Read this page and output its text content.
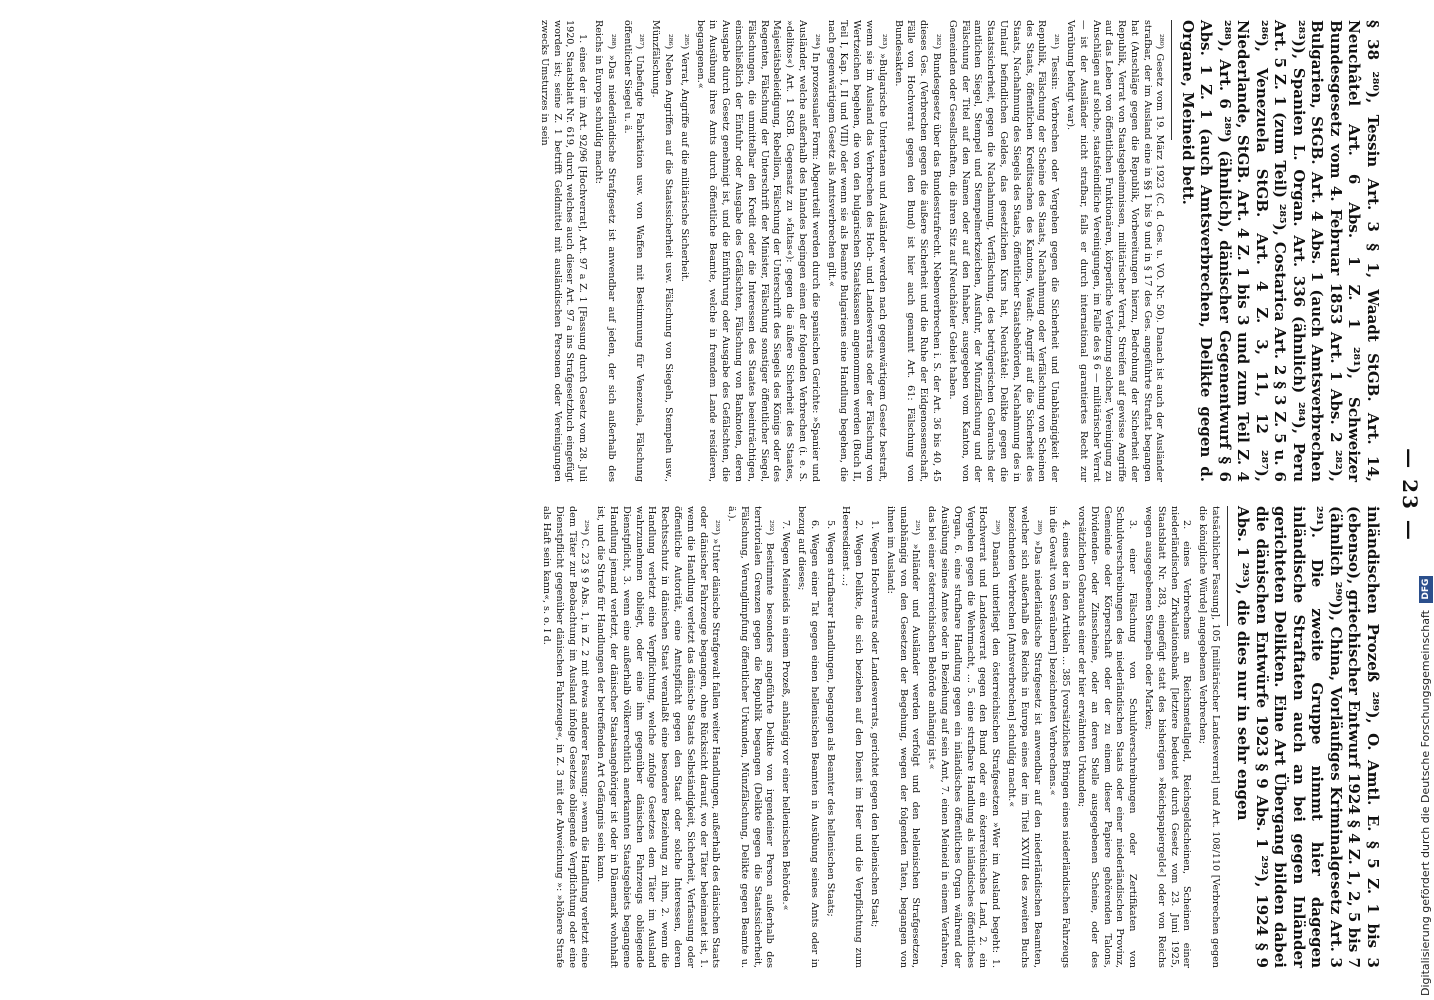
— 23 —

§ 38 ²⁸⁰), Tessin Art. 3 § 1, Waadt StGB. Art. 14, Neuchâtel Art. 6 Abs. 1 Z. 1 ²⁸¹), Schweizer Bundesgesetz vom 4. Februar 1853 Art. 1 Abs. 2 ²⁸²), Bulgarien, StGB. Art. 4 Abs. 1 (auch Amtsverbrechen ²⁸³)), Spanien L. Organ. Art. 336 (ähnlich) ²⁸⁴), Peru Art. 5 Z. 1 (zum Teil) ²⁸⁵), Costarica Art. 2 § 3 Z. 5 u. 6 ²⁸⁶), Venezuela StGB. Art. 4 Z. 3, 11, 12 ²⁸⁷), Niederlande, StGB. Art. 4 Z. 1 bis 3 und zum Teil Z. 4 ²⁸⁸), Art. 6 ²⁸⁹) (ähnlich), dänischer Gegenentwurf § 6 Abs. 1 Z. 1 (auch Amtsverbrechen, Delikte gegen d. Organe, Meineid bett.

²⁸⁰) Gesetz vom 19. März 1923 (C. d. Ges. u. VO. Nr. 50). Danach ist auch der Ausländer strafbar, der im Ausland eine in §§ 1 bis 9 und in § 17 des Ges. angeführte Straftat begangen hat (Anschläge gegen die Republik, Vorbereitungen hierzu, Bedrohung der Sicherheit der Republik, Verrat von Staatsgeheimnissen, militärischer Verrat, Streifen auf gewisse Angriffe auf das Leben von öffentlichen Funktionären, körperliche Verletzung solcher, Vereinigung zu Anschlägen auf solche, staatsfeindliche Vereinigungen, im Falle des § 6 — militärischer Verrat — ist der Ausländer nicht strafbar, falls er durch international garantiertes Recht zur Verübung befugt war).

²⁸¹) Tessin: Verbrechen oder Vergehen gegen die Sicherheit und Unabhängigkeit der Republik, Fälschung der Scheine des Staats, Nachahmung oder Verfälschung von Scheinen des Staats, öffentlichen Kreditsachen des Kantons, Waadt: Angriff auf die Sicherheit des Staats, Nachahmung des Siegels des Staats, öffentlicher Staatsbehörden, Nachahmung des in Umlauf befindlichen Geldes, das gesetzlichen Kurs hat, Neuchâtel: Delikte gegen die Staatssicherheit, gegen die Nachahmung, Verfälschung, des betrügerischen Gebrauchs der amtlichen Siegel, Stempel und Stempelmerkzeichen, Ausfuhr, der Münzfälschung und der Fälschung der Titel auf den Namen oder auf den Inhaber, ausgegeben vom Kanton, von Gemeinden oder Gesellschaften, die ihren Sitz auf Neuchâteler Gebiet haben.

²⁸²) Bundesgesetz über das Bundesstrafrecht. Nebenverbrechen i. S. der Art. 36 bis 40, 45 dieses Ges. (Verbrechen gegen die äußere Sicherheit und die Ruhe der Eidgenossenschaft, Fälle von Hochverrat gegen den Bund) ist hier auch genannt Art. 61: Fälschung von Bundesakten.

²⁸³) »Bulgarische Untertanen und Ausländer werden nach gegenwärtigem Gesetz bestraft, wenn sie im Ausland das Verbrechen des Hoch- und Landesverrats oder der Fälschung von Wertzeichen begehen, die von den bulgarischen Staatskassen angenommen werden (Buch II, Teil I, Kap. I, II und VIII) oder wenn sie als Beamte Bulgariens eine Handlung begehen, die nach gegenwärtigem Gesetz als Amtsverbrechen gilt.«

²⁸⁴) In prozessualer Form: Abgeurteilt werden durch die spanischen Gerichte: »Spanier und Ausländer, welche außerhalb des Inlandes begingen einen der folgenden Verbrechen (i. e. S. »delitos«) Art. 1 StGB. Gegensatz zu »faltas«): gegen die äußere Sicherheit des Staates, Majestätsbeleidigung, Rebellion, Fälschung der Unterschrift des Siegels des Königs oder des Regenten, Fälschung der Unterschrift der Minister, Fälschung sonstiger öffentlicher Siegel, Fälschungen, die unmittelbar den Kredit oder die Interessen des Staates beeinträchtigen, einschließlich der Einfuhr oder Ausgabe des Gefälschten, Fälschung von Banknoten, deren Ausgabe durch Gesetz genehmigt ist, und die Einführung oder Ausgabe des Gefälschten, die in Ausübung ihres Amts durch öffentliche Beamte, welche in fremdem Lande residieren, begangenen.«

²⁸⁵) Verrat, Angriffe auf die militärische Sicherheit.

²⁸⁶) Neben Angriffen auf die Staatssicherheit usw. Fälschung von Siegeln, Stempeln usw., Münzfälschung.

²⁸⁷) Unbefugte Fabrikation usw. von Waffen mit Bestimmung für Venezuela, Fälschung öffentlicher Siegel u. ä.

²⁸⁸) »Das niederländische Strafgesetz ist anwendbar auf jeden, der sich außerhalb des Reichs in Europa schuldig macht:

1. eines der im Art. 92/96 [Hochverrat], Art. 97 a Z. 1 [Fassung durch Gesetz vom 28. Juli 1920, Staatsblatt Nr. 619, durch welches auch dieser Art. 97 a ins Strafgesetzbuch eingefügt worden ist; seine Z. 1 betrifft Geldmittel mit ausländischen Personen oder Vereinigungen zwecks Umsturzes in sein

inländischen Prozeß ²⁸⁹), O. Amtl. E. § 5 Z. 1 bis 3 (ebenso), griechischer Entwurf 1924 § 4 Z. 1, 2, 5 bis 7 (ähnlich ²⁹⁰)), China, Vorläufiges Kriminalgesetz Art. 3 ²⁹¹). Die zweite Gruppe nimmt hier dagegen inländische Straftaten auch an bei gegen Inländer gerichteten Delikten. Eine Art Übergang bilden dabei die dänischen Entwürfe 1923 § 9 Abs. 1 ²⁹²), 1924 § 9 Abs. 1 ²⁹³), die dies nur in sehr engen

tatsächlicher Fassung], 105 [militärischer Landesverrat] und Art. 108/110 [Verbrechen gegen die königliche Würde] angegebenen Verbrechen;

2. eines Verbrechens an Reichsmetallgeld, Reichsgeldscheinen, Scheinen einer niederländischen Zirkulationsbank [letztere bedeutet durch Gesetz vom 23. Juni 1925, Staatsblatt Nr. 283, eingefügt statt des bisherigen »Reichspapiergeld«] oder von Reichs wegen ausgegebenen Stempeln oder Marken;

3. einer Fälschung von Schuldverschreibungen oder Zertifikaten von Schuldverschreibungen des niederländischen Staats oder einer niederländischen Provinz, Gemeinde oder Körperschaft oder der zu einem dieser Papiere gehörenden Talons, Dividenden- oder Zinsscheine, oder an deren Stelle ausgegebenen Scheine, oder des vorsätzlichen Gebrauchs einer der hier erwähnten Urkunden;

4. eines der in den Artikeln ... 385 [vorsätzliches Bringen eines niederländischen Fahrzeugs in die Gewalt von Seeräubern] bezeichneten Verbrechens.«

²⁸⁹) »Das niederländische Strafgesetz ist anwendbar auf den niederländischen Beamten, welcher sich außerhalb des Reichs in Europa eines der im Titel XXVIII des zweiten Buchs bezeichneten Verbrechen [Amtsverbrechen] schuldig macht.«

²⁹⁰) Danach unterliegt den österreichischen Strafgesetzen »Wer im Ausland begeht: 1. Hochverrat und Landesverrat gegen den Bund oder ein österreichisches Land, 2. ein Vergehen gegen die Wehrmacht, ... 5. eine strafbare Handlung als inländisches öffentliches Organ, 6. eine strafbare Handlung gegen ein inländisches öffentliches Organ während der Ausübung seines Amtes oder in Beziehung auf sein Amt, 7. einen Meineid in einem Verfahren, das bei einer österreichischen Behörde anhängig ist.«

²⁹¹) »Inländer und Ausländer werden verfolgt und den hellenischen Strafgesetzen, unabhängig von den Gesetzen der Begehung, wegen der folgenden Taten, begangen von ihnen im Ausland:

1. Wegen Hochverrats oder Landesverrats, gerichtet gegen den hellenischen Staat;

2. Wegen Delikte, die sich beziehen auf den Dienst im Heer und die Verpflichtung zum Heeresdienst ...;

5. Wegen strafbarer Handlungen, begangen als Beamter des hellenischen Staats;

6. Wegen einer Tat gegen einen hellenischen Beamten in Ausübung seines Amts oder in bezug auf dieses;

7. Wegen Meineids in einem Prozeß, anhängig vor einer hellenischen Behörde.«

²⁹²) Bestimmte besonders angeführte Delikte von irgendeiner Person außerhalb des territorialen Grenzen gegen die Republik begangen (Delikte gegen die Staatssicherheit, Fälschung, Verunglimpfung öffentlicher Urkunden, Münzfälschung, Delikte gegen Beamte u. ä.).

²⁹³) »Unter dänische Strafgewalt fallen weiter Handlungen, außerhalb des dänischen Staats oder dänischer Fahrzeuge begangen, ohne Rücksicht darauf, wo der Täter beheimatet ist, 1. wenn die Handlung verletzt das dänische Staats Selbständigkeit, Sicherheit, Verfassung oder öffentliche Autorität, eine Amtspflicht gegen den Staat oder solche Interessen, deren Rechtsschutz in dänischen Staat veranlaßt eine besondere Beziehung zu ihm, 2. wenn die Handlung verletzt eine Verpflichtung, welche zufolge Gesetzes dem Täter im Ausland wahrzunehmen obliegt, oder eine ihm gegenüber dänischen Fahrzeugs obliegende Dienstpflicht, 3. wenn eine außerhalb völkerrechtlich anerkannten Staatsgebiets begangene Handlung jemand verletzt, der dänischer Staatsangehöriger ist oder in Dänemark wohnhaft ist, und die Strafe für Handlungen der betreffenden Art Gefängnis sein kann.

²⁹⁴) C. 23 § 9 Abs. 1, in Z. 2 mit etwas anderer Fassung: »wenn die Handlung verletzt eine dem Täter zur Beobachtung im Ausland infolge Gesetzes obliegende Verpflichtung oder eine Dienstpflicht gegenüber dänischen Fahrzeuge«, in Z. 3 mit der Abweichung »: »höhere Strafe als Haft sein kann«, s. o. I d.

Digitalisierung gefördert durch die Deutsche Forschungsgemeinschaft DFG
